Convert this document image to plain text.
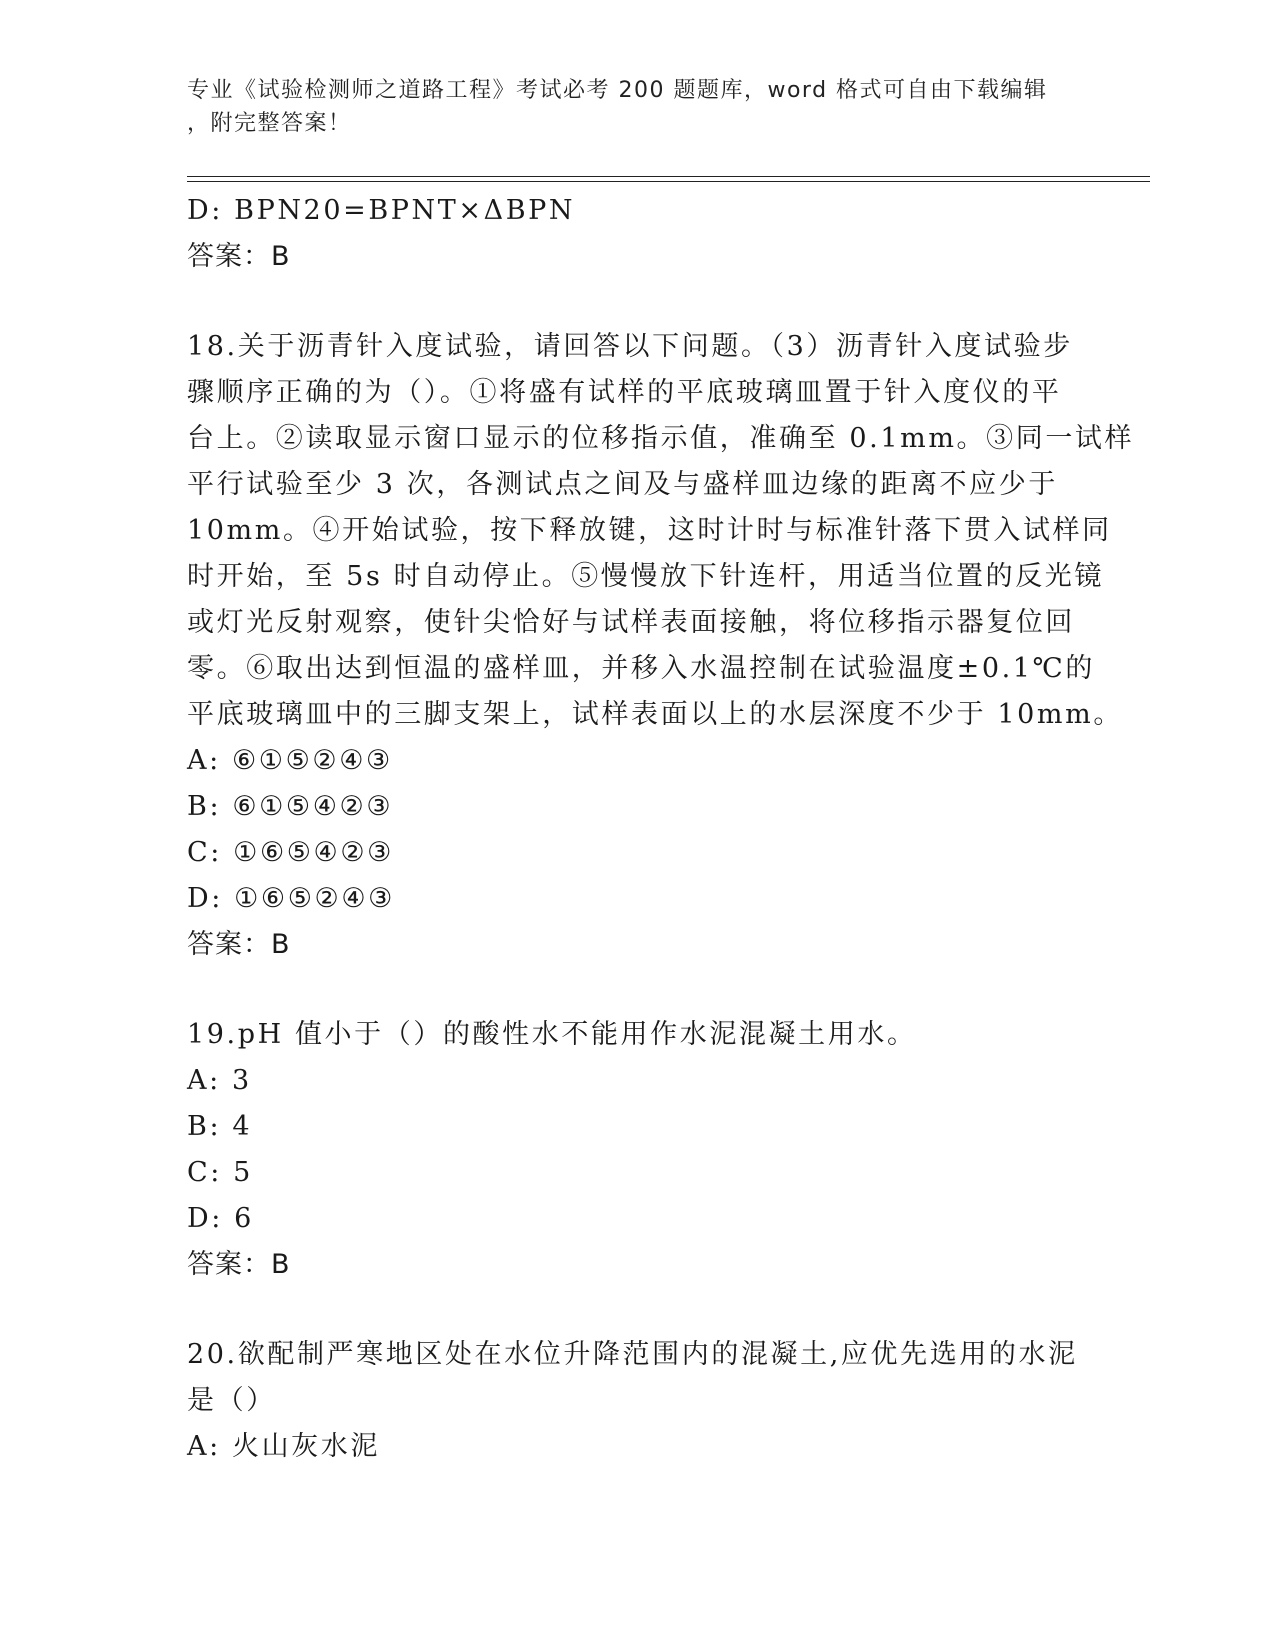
专业《试验检测师之道路工程》考试必考 200 题题库，word 格式可自由下载编辑
，附完整答案！
D: BPN20=BPNT×ΔBPN
答案：B
18.关于沥青针入度试验，请回答以下问题。（3）沥青针入度试验步
骤顺序正确的为（）。①将盛有试样的平底玻璃皿置于针入度仪的平
台上。②读取显示窗口显示的位移指示值，准确至 0.1mm。③同一试样
平行试验至少 3 次，各测试点之间及与盛样皿边缘的距离不应少于
10mm。④开始试验，按下释放键，这时计时与标准针落下贯入试样同
时开始，至 5s 时自动停止。⑤慢慢放下针连杆，用适当位置的反光镜
或灯光反射观察，使针尖恰好与试样表面接触，将位移指示器复位回
零。⑥取出达到恒温的盛样皿，并移入水温控制在试验温度±0.1℃的
平底玻璃皿中的三脚支架上，试样表面以上的水层深度不少于 10mm。
A: ⑥①⑤②④③
B: ⑥①⑤④②③
C: ①⑥⑤④②③
D: ①⑥⑤②④③
答案：B
19.pH 值小于（）的酸性水不能用作水泥混凝土用水。
A: 3
B: 4
C: 5
D: 6
答案：B
20.欲配制严寒地区处在水位升降范围内的混凝土,应优先选用的水泥
是（）
A: 火山灰水泥
